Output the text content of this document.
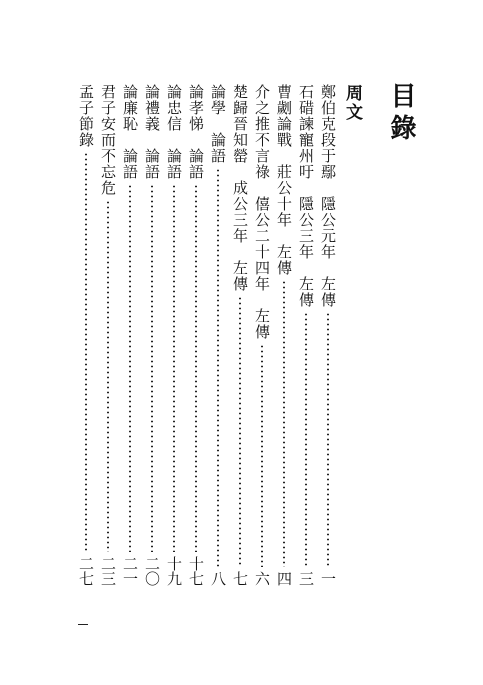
目錄
周文
鄭伯克段于鄢　隱公元年　左傳
一
石碏諫寵州吁　隱公三年　左傳
三
曹劌論戰　莊公十年　左傳
四
介之推不言祿　僖公二十四年　左傳
六
楚歸晉知罃　成公三年　左傳
七
論學　論語
八
論孝悌　論語
十七
論忠信　論語
十九
論禮義　論語
二〇
論廉恥　論語
二一
君子安而不忘危
二三
孟子節錄
二七
